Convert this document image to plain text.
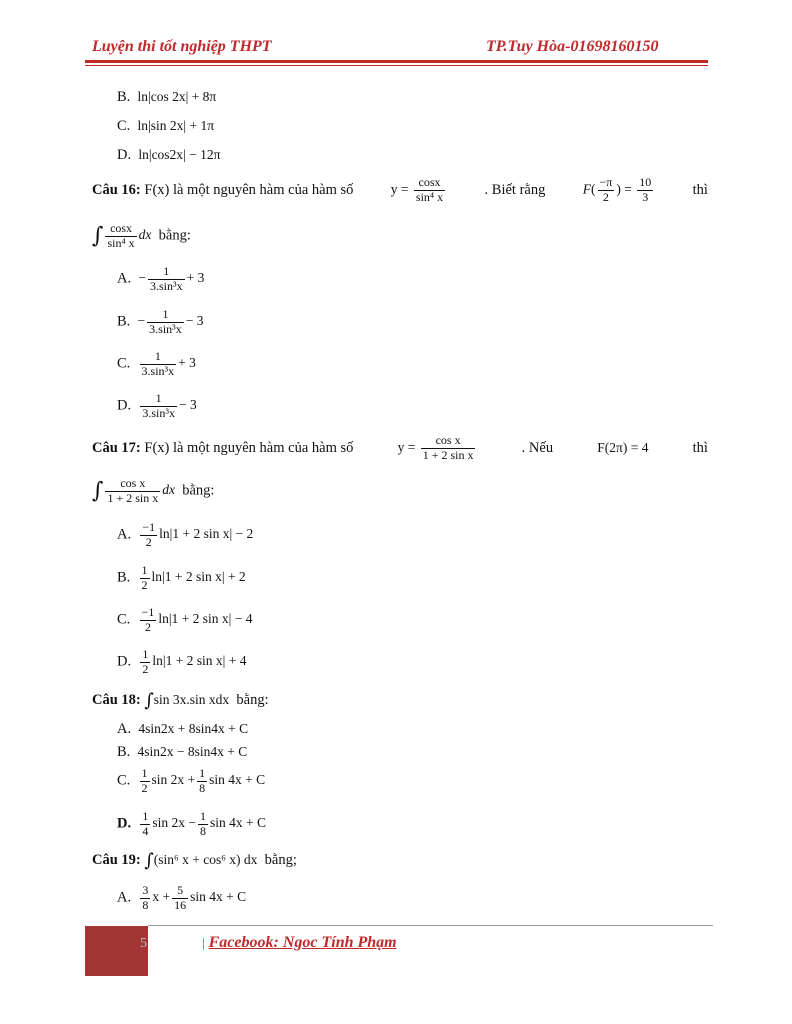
Luyện thi tốt nghiệp THPT	TP.Tuy Hòa-01698160150
B. ln|cos 2x| + 8π
C. ln|sin 2x| + 1π
D. ln|cos2x| − 12π
Câu 16: F(x) là một nguyên hàm của hàm số	$y = \frac{\cos x}{\text{sin⁴ x}}$	. Biết rằng	$F( \frac{-\pi}{2}$ ) = $\frac{10}{3}$	thì
∫ $\frac{\cos x}{\text{sin⁴ x}}$ dx bằng:
A. − $\frac{1}{\text{3.sin³x}} + 3$
B. − $\frac{1}{\text{3.sin³x}} - 3$
C. $\frac{1}{\text{3.sin³x}} + 3$
D. $\frac{1}{\text{3.sin³x}} - 3$
Câu 17: F(x) là một nguyên hàm của hàm số	$y = \frac{\text{cos x}}{\text{1 + 2 sin x}}$	. Nếu	F(2π) = 4	thì
∫ $\frac{\text{cos x}}{\text{1 + 2 sin x}}$ dx bằng:
A. $\frac{-1}{2} \ln|1 + 2$ sin x| − 2
B. $\frac{1}{2} \ln|1 + 2$ sin x| + 2
C. $\frac{-1}{2} \ln|1 + 2$ sin x| − 4
D. $\frac{1}{2} \ln|1 + 2$ sin x| + 4
Câu 18: ∫sin 3x.sin xdx bằng:
A. 4sin2x + 8sin4x + C
B. 4sin2x − 8sin4x + C
C. $\frac{1}{2}$ $\sin 2x + \frac{1}{8}$ sin 4x + C
D. $\frac{1}{4}$ $\sin 2x - \frac{1}{8}$ sin 4x + C
Câu 19: ∫(sin⁶ x + cos⁶ x) dx bằng;
A. $\frac{3}{8}$ $x + \frac{5}{16}$ sin 4x + C
5	| Facebook: Ngoc Tính Phạm
